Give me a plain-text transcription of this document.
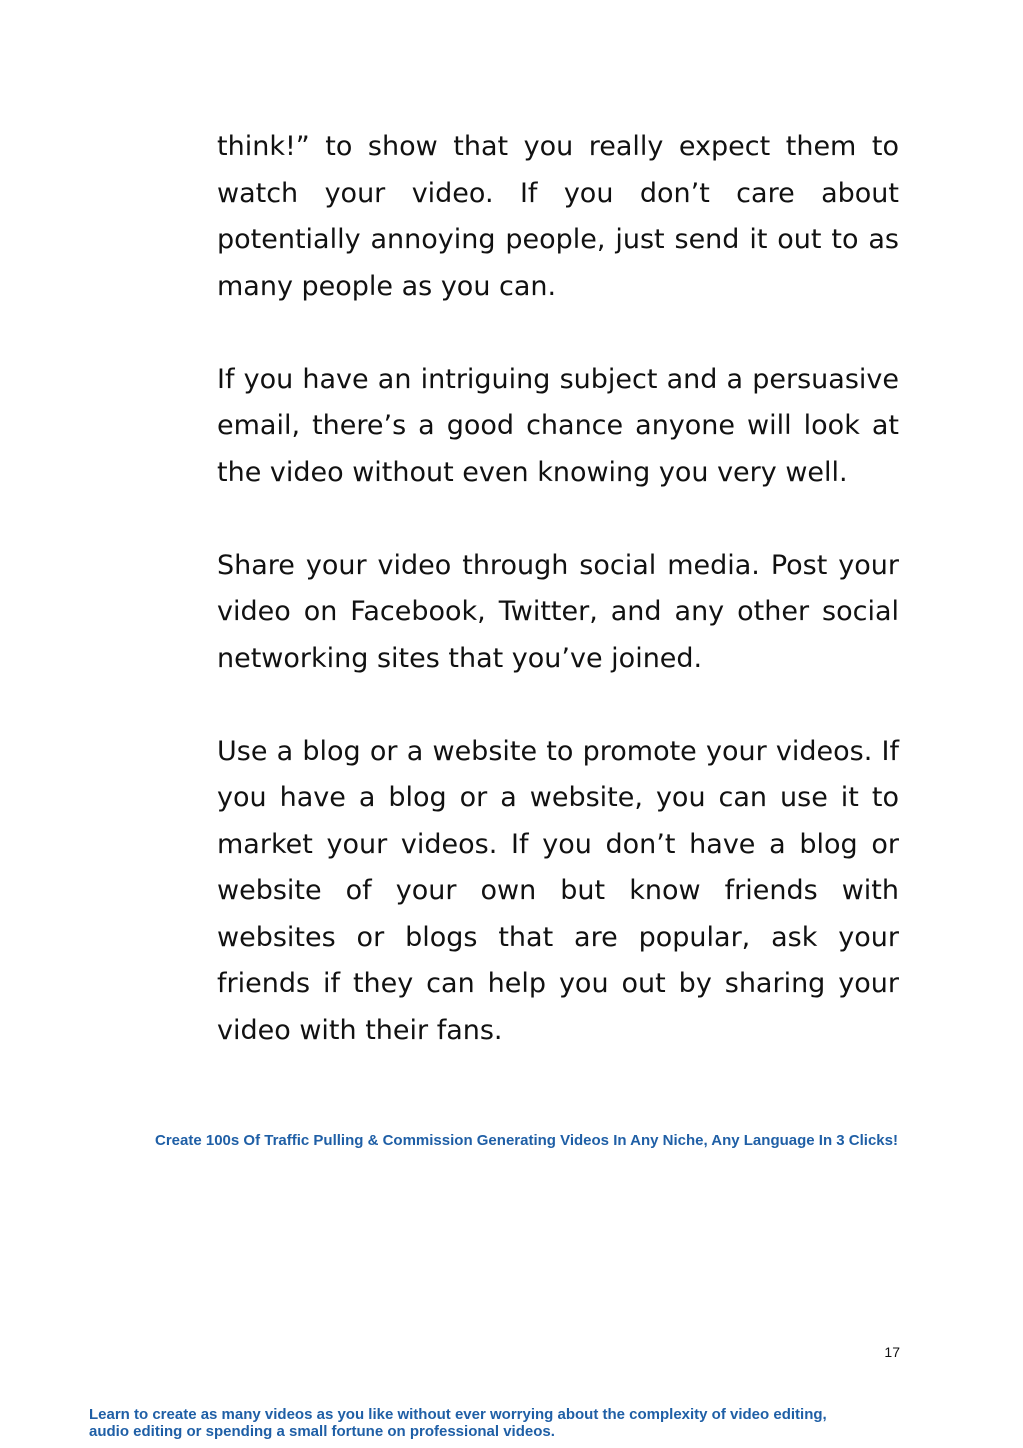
think!” to show that you really expect them to watch your video. If you don’t care about potentially annoying people, just send it out to as many people as you can.

If you have an intriguing subject and a persuasive email, there’s a good chance anyone will look at the video without even knowing you very well.

Share your video through social media. Post your video on Facebook, Twitter, and any other social networking sites that you’ve joined.

Use a blog or a website to promote your videos. If you have a blog or a website, you can use it to market your videos. If you don’t have a blog or website of your own but know friends with websites or blogs that are popular, ask your friends if they can help you out by sharing your video with their fans.

Create 100s Of Traffic Pulling & Commission Generating Videos In Any Niche, Any Language In 3 Clicks!
17
Learn to create as many videos as you like without ever worrying about the complexity of video editing,
audio editing or spending a small fortune on professional videos.
